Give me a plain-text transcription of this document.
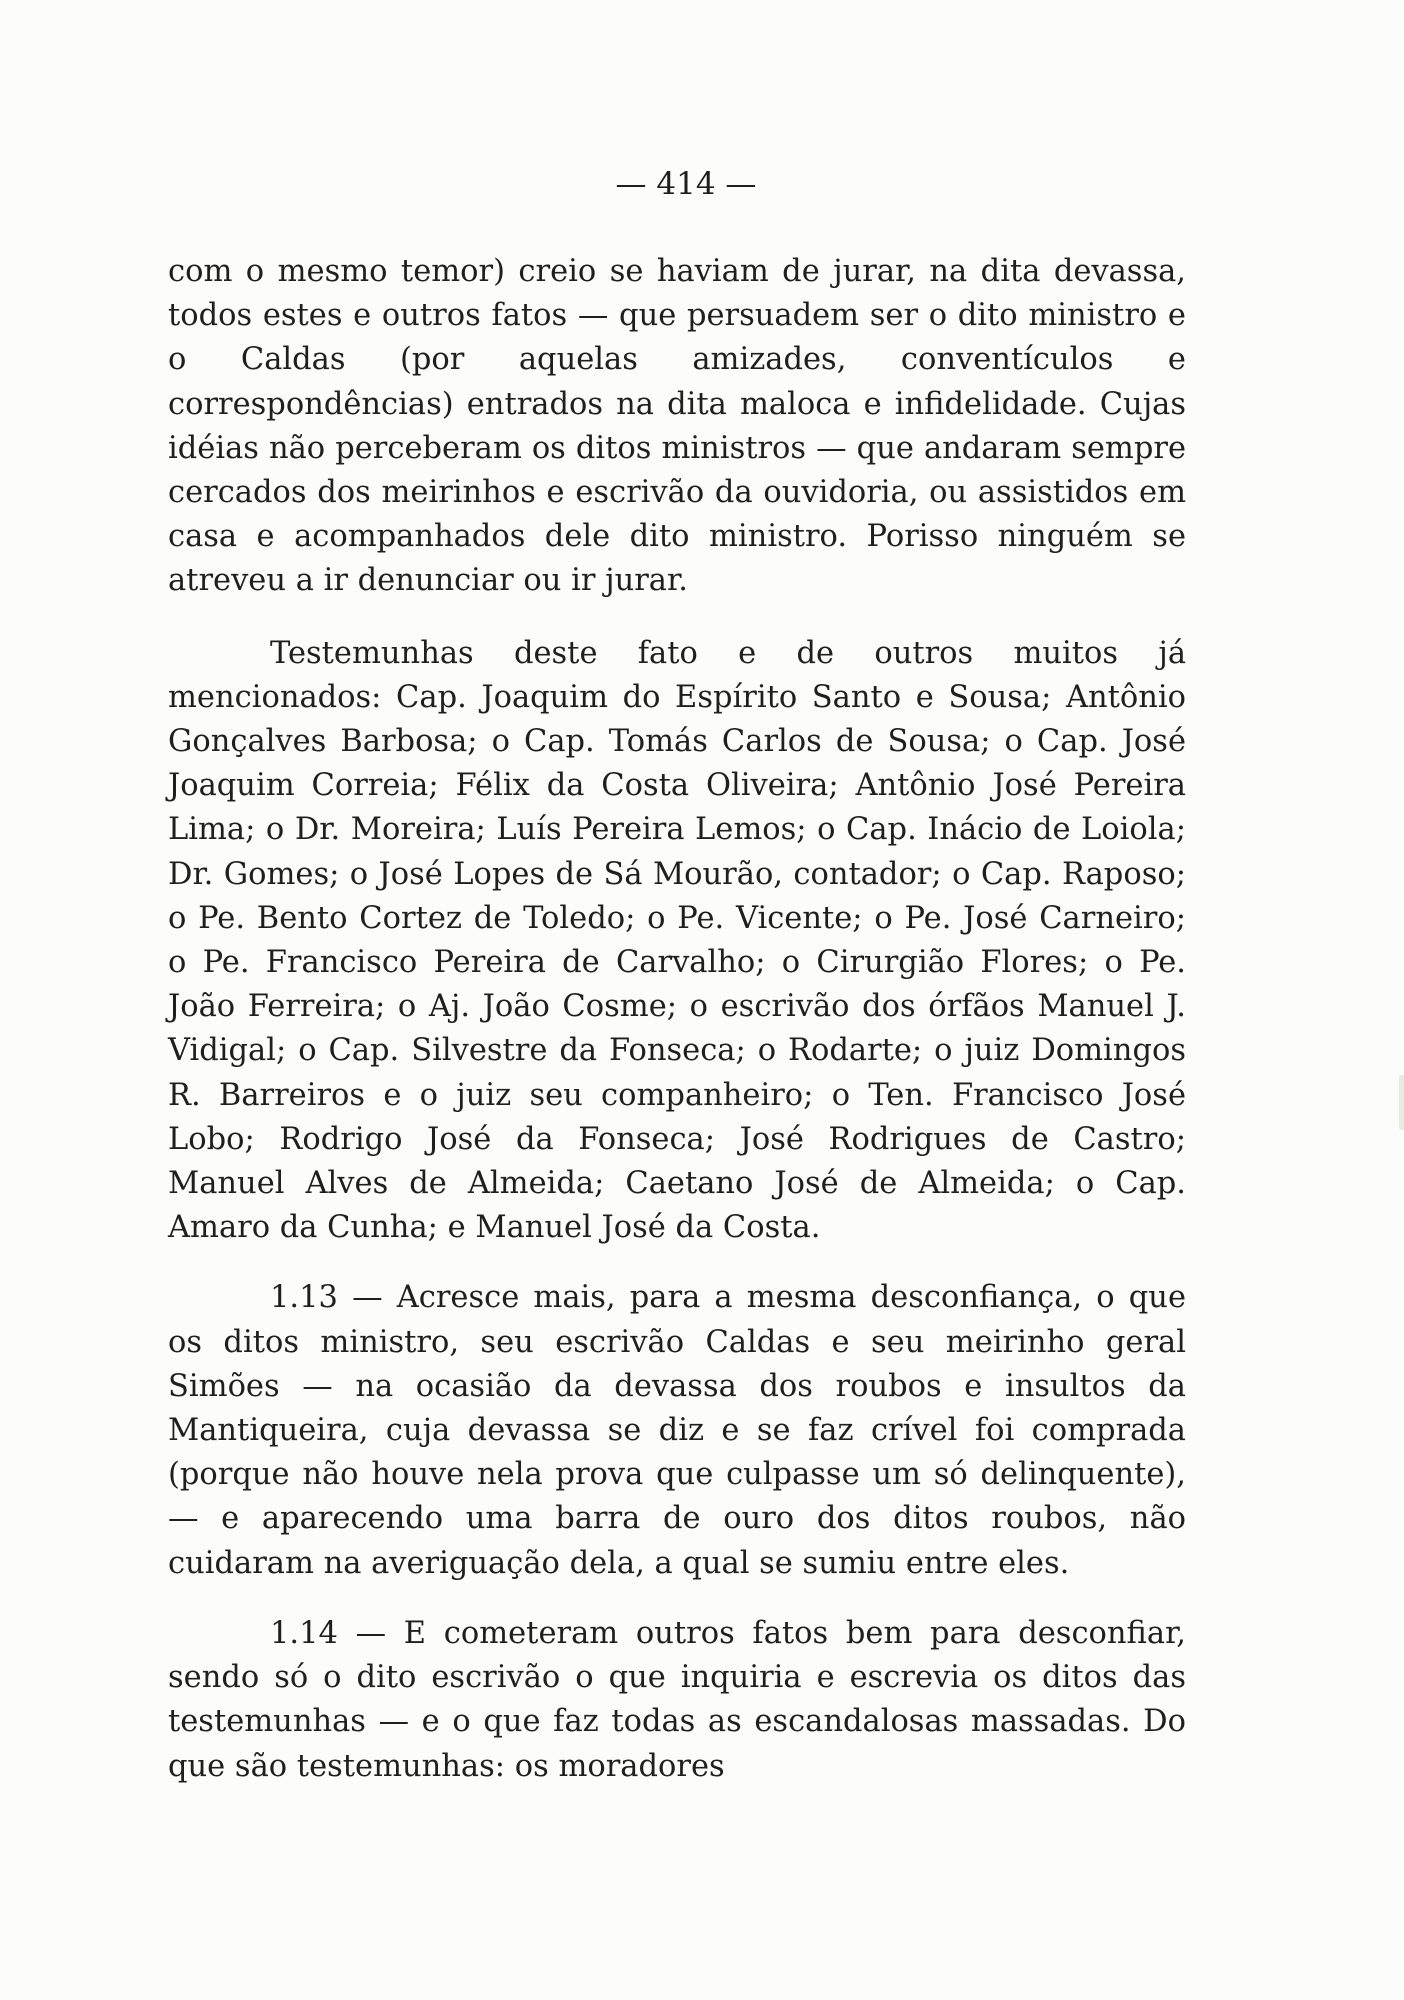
— 414 —

com o mesmo temor) creio se haviam de jurar, na dita devassa, todos estes e outros fatos — que persuadem ser o dito ministro e o Caldas (por aquelas amizades, conventículos e correspondências) entrados na dita maloca e infidelidade. Cujas idéias não perceberam os ditos ministros — que andaram sempre cercados dos meirinhos e escrivão da ouvidoria, ou assistidos em casa e acompanhados dele dito ministro. Porisso ninguém se atreveu a ir denunciar ou ir jurar.

Testemunhas deste fato e de outros muitos já mencionados: Cap. Joaquim do Espírito Santo e Sousa; Antônio Gonçalves Barbosa; o Cap. Tomás Carlos de Sousa; o Cap. José Joaquim Correia; Félix da Costa Oliveira; Antônio José Pereira Lima; o Dr. Moreira; Luís Pereira Lemos; o Cap. Inácio de Loiola; Dr. Gomes; o José Lopes de Sá Mourão, contador; o Cap. Raposo; o Pe. Bento Cortez de Toledo; o Pe. Vicente; o Pe. José Carneiro; o Pe. Francisco Pereira de Carvalho; o Cirurgião Flores; o Pe. João Ferreira; o Aj. João Cosme; o escrivão dos órfãos Manuel J. Vidigal; o Cap. Silvestre da Fonseca; o Rodarte; o juiz Domingos R. Barreiros e o juiz seu companheiro; o Ten. Francisco José Lobo; Rodrigo José da Fonseca; José Rodrigues de Castro; Manuel Alves de Almeida; Caetano José de Almeida; o Cap. Amaro da Cunha; e Manuel José da Costa.

1.13 — Acresce mais, para a mesma desconfiança, o que os ditos ministro, seu escrivão Caldas e seu meirinho geral Simões — na ocasião da devassa dos roubos e insultos da Mantiqueira, cuja devassa se diz e se faz crível foi comprada (porque não houve nela prova que culpasse um só delinquente), — e aparecendo uma barra de ouro dos ditos roubos, não cuidaram na averiguação dela, a qual se sumiu entre eles.

1.14 — E cometeram outros fatos bem para desconfiar, sendo só o dito escrivão o que inquiria e escrevia os ditos das testemunhas — e o que faz todas as escandalosas massadas. Do que são testemunhas: os moradores
